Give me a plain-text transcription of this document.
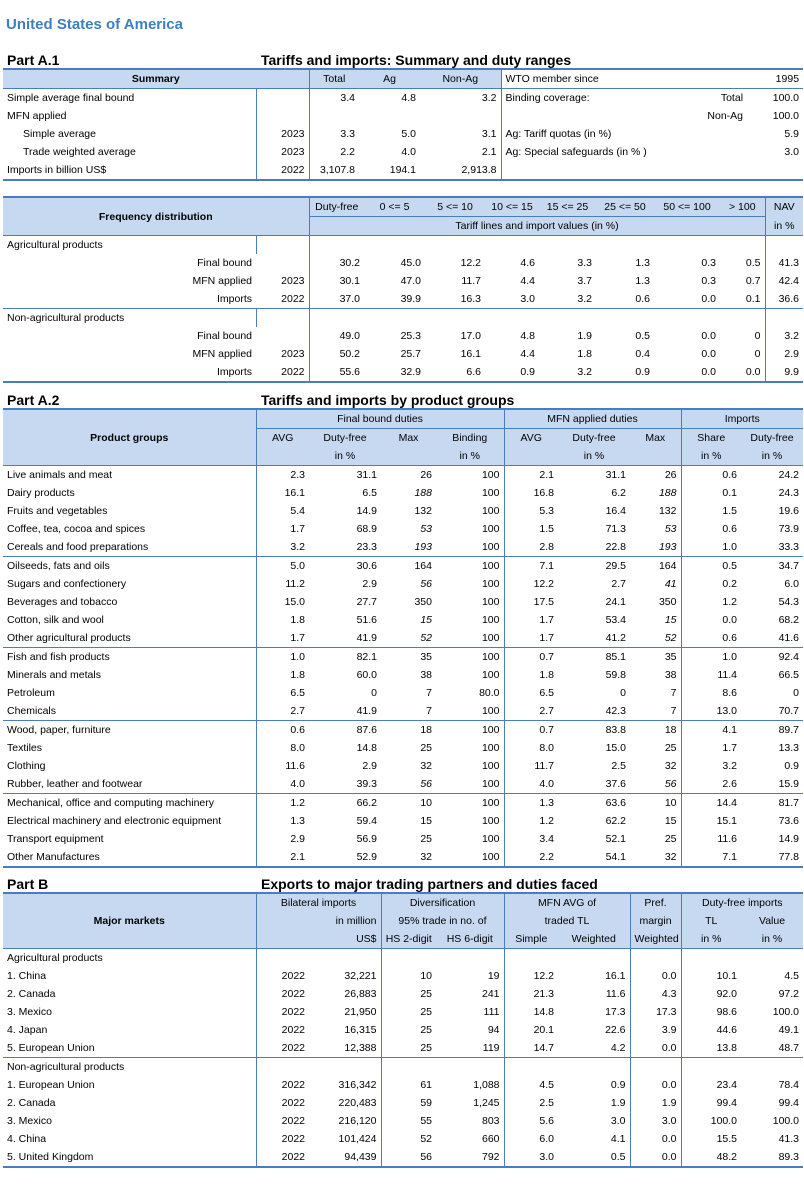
United States of America
Part A.1	Tariffs and imports: Summary and duty ranges
Summary		Total	Ag	Non-Ag	WTO member since		1995
Simple average final bound		3.4	4.8	3.2	Binding coverage:	Total	100.0
MFN applied						Non-Ag	100.0
Simple average	2023	3.3	5.0	3.1	Ag: Tariff quotas (in %)		5.9
Trade weighted average	2023	2.2	4.0	2.1	Ag: Special safeguards (in % )		3.0
Imports in billion US$	2022	3,107.8	194.1	2,913.8			
Frequency distribution		Duty-free	0 <= 5	5 <= 10	10 <= 15	15 <= 25	25 <= 50	50 <= 100	> 100	NAV
		Tariff lines and import values (in %)								in %
Agricultural products										
Final bound		30.2	45.0	12.2	4.6	3.3	1.3	0.3	0.5	41.3
MFN applied	2023	30.1	47.0	11.7	4.4	3.7	1.3	0.3	0.7	42.4
Imports	2022	37.0	39.9	16.3	3.0	3.2	0.6	0.0	0.1	36.6
Non-agricultural products										
Final bound		49.0	25.3	17.0	4.8	1.9	0.5	0.0	0	3.2
MFN applied	2023	50.2	25.7	16.1	4.4	1.8	0.4	0.0	0	2.9
Imports	2022	55.6	32.9	6.6	0.9	3.2	0.9	0.0	0.0	9.9
Part A.2	Tariffs and imports by product groups
Product groups	Final bound duties				MFN applied duties			Imports	
	AVG	Duty-free	Max	Binding	AVG	Duty-free	Max	Share	Duty-free
		in %		in %		in %		in %	in %
Live animals and meat	2.3	31.1	26	100	2.1	31.1	26	0.6	24.2
Dairy products	16.1	6.5	188	100	16.8	6.2	188	0.1	24.3
Fruits and vegetables	5.4	14.9	132	100	5.3	16.4	132	1.5	19.6
Coffee, tea, cocoa and spices	1.7	68.9	53	100	1.5	71.3	53	0.6	73.9
Cereals and food preparations	3.2	23.3	193	100	2.8	22.8	193	1.0	33.3
Oilseeds, fats and oils	5.0	30.6	164	100	7.1	29.5	164	0.5	34.7
Sugars and confectionery	11.2	2.9	56	100	12.2	2.7	41	0.2	6.0
Beverages and tobacco	15.0	27.7	350	100	17.5	24.1	350	1.2	54.3
Cotton, silk and wool	1.8	51.6	15	100	1.7	53.4	15	0.0	68.2
Other agricultural products	1.7	41.9	52	100	1.7	41.2	52	0.6	41.6
Fish and fish products	1.0	82.1	35	100	0.7	85.1	35	1.0	92.4
Minerals and metals	1.8	60.0	38	100	1.8	59.8	38	11.4	66.5
Petroleum	6.5	0	7	80.0	6.5	0	7	8.6	0
Chemicals	2.7	41.9	7	100	2.7	42.3	7	13.0	70.7
Wood, paper, furniture	0.6	87.6	18	100	0.7	83.8	18	4.1	89.7
Textiles	8.0	14.8	25	100	8.0	15.0	25	1.7	13.3
Clothing	11.6	2.9	32	100	11.7	2.5	32	3.2	0.9
Rubber, leather and footwear	4.0	39.3	56	100	4.0	37.6	56	2.6	15.9
Mechanical, office and computing machinery	1.2	66.2	10	100	1.3	63.6	10	14.4	81.7
Electrical machinery and electronic equipment	1.3	59.4	15	100	1.2	62.2	15	15.1	73.6
Transport equipment	2.9	56.9	25	100	3.4	52.1	25	11.6	14.9
Other Manufactures	2.1	52.9	32	100	2.2	54.1	32	7.1	77.8
Part B	Exports to major trading partners and duties faced
Major markets	Bilateral imports		Diversification		MFN AVG of		Pref.	Duty-free imports	
	in million		95% trade in no. of		traded TL		margin	TL	Value
	US$		HS 2-digit	HS 6-digit	Simple	Weighted	Weighted	in %	in %
Agricultural products									
1. China	2022	32,221	10	19	12.2	16.1	0.0	10.1	4.5
2. Canada	2022	26,883	25	241	21.3	11.6	4.3	92.0	97.2
3. Mexico	2022	21,950	25	111	14.8	17.3	17.3	98.6	100.0
4. Japan	2022	16,315	25	94	20.1	22.6	3.9	44.6	49.1
5. European Union	2022	12,388	25	119	14.7	4.2	0.0	13.8	48.7
Non-agricultural products									
1. European Union	2022	316,342	61	1,088	4.5	0.9	0.0	23.4	78.4
2. Canada	2022	220,483	59	1,245	2.5	1.9	1.9	99.4	99.4
3. Mexico	2022	216,120	55	803	5.6	3.0	3.0	100.0	100.0
4. China	2022	101,424	52	660	6.0	4.1	0.0	15.5	41.3
5. United Kingdom	2022	94,439	56	792	3.0	0.5	0.0	48.2	89.3
